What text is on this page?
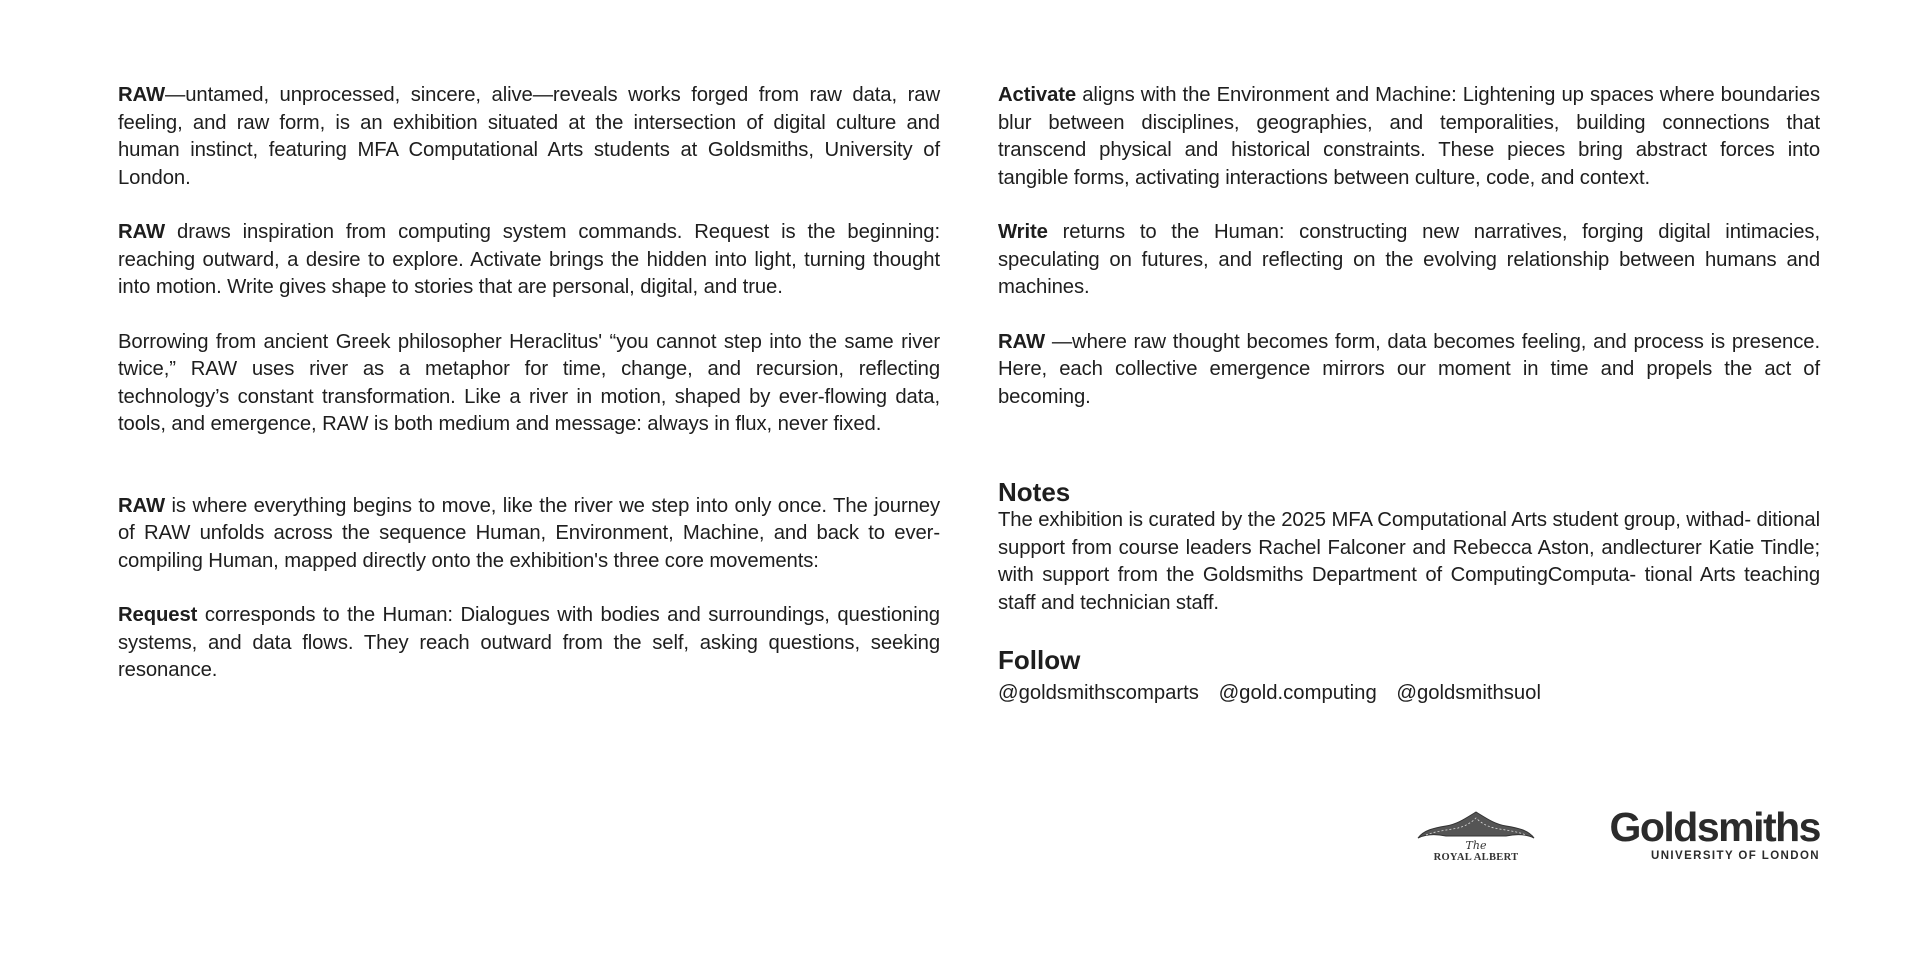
RAW—untamed, unprocessed, sincere, alive—reveals works forged from raw data, raw feeling, and raw form, is an exhibition situated at the intersection of digital culture and human instinct, featuring MFA Computational Arts students at Goldsmiths, University of London.

RAW draws inspiration from computing system commands. Request is the beginning: reaching outward, a desire to explore. Activate brings the hidden into light, turning thought into motion. Write gives shape to stories that are personal, digital, and true.

Borrowing from ancient Greek philosopher Heraclitus' “you cannot step into the same river twice,” RAW uses river as a metaphor for time, change, and recursion, reflecting technology’s constant transformation. Like a river in motion, shaped by ever-flowing data, tools, and emergence, RAW is both medium and message: always in flux, never fixed.

RAW is where everything begins to move, like the river we step into only once. The journey of RAW unfolds across the sequence Human, Environment, Machine, and back to ever-compiling Human, mapped directly onto the exhibition's three core movements:

Request corresponds to the Human: Dialogues with bodies and surroundings, questioning systems, and data flows. They reach outward from the self, asking questions, seeking resonance.

Activate aligns with the Environment and Machine: Lightening up spaces where boundaries blur between disciplines, geographies, and temporalities, building connections that transcend physical and historical constraints. These pieces bring abstract forces into tangible forms, activating interactions between culture, code, and context.

Write returns to the Human: constructing new narratives, forging digital intimacies, speculating on futures, and reflecting on the evolving relationship between humans and machines.

RAW —where raw thought becomes form, data becomes feeling, and process is presence. Here, each collective emergence mirrors our moment in time and propels the act of becoming.

Notes

The exhibition is curated by the 2025 MFA Computational Arts student group, withad- ditional support from course leaders Rachel Falconer and Rebecca Aston, andlecturer Katie Tindle; with support from the Goldsmiths Department of ComputingComputa- tional Arts teaching staff and technician staff.

Follow
@goldsmithscomparts @gold.computing @goldsmithsuol
The
ROYAL ALBERT
Goldsmiths
UNIVERSITY OF LONDON
